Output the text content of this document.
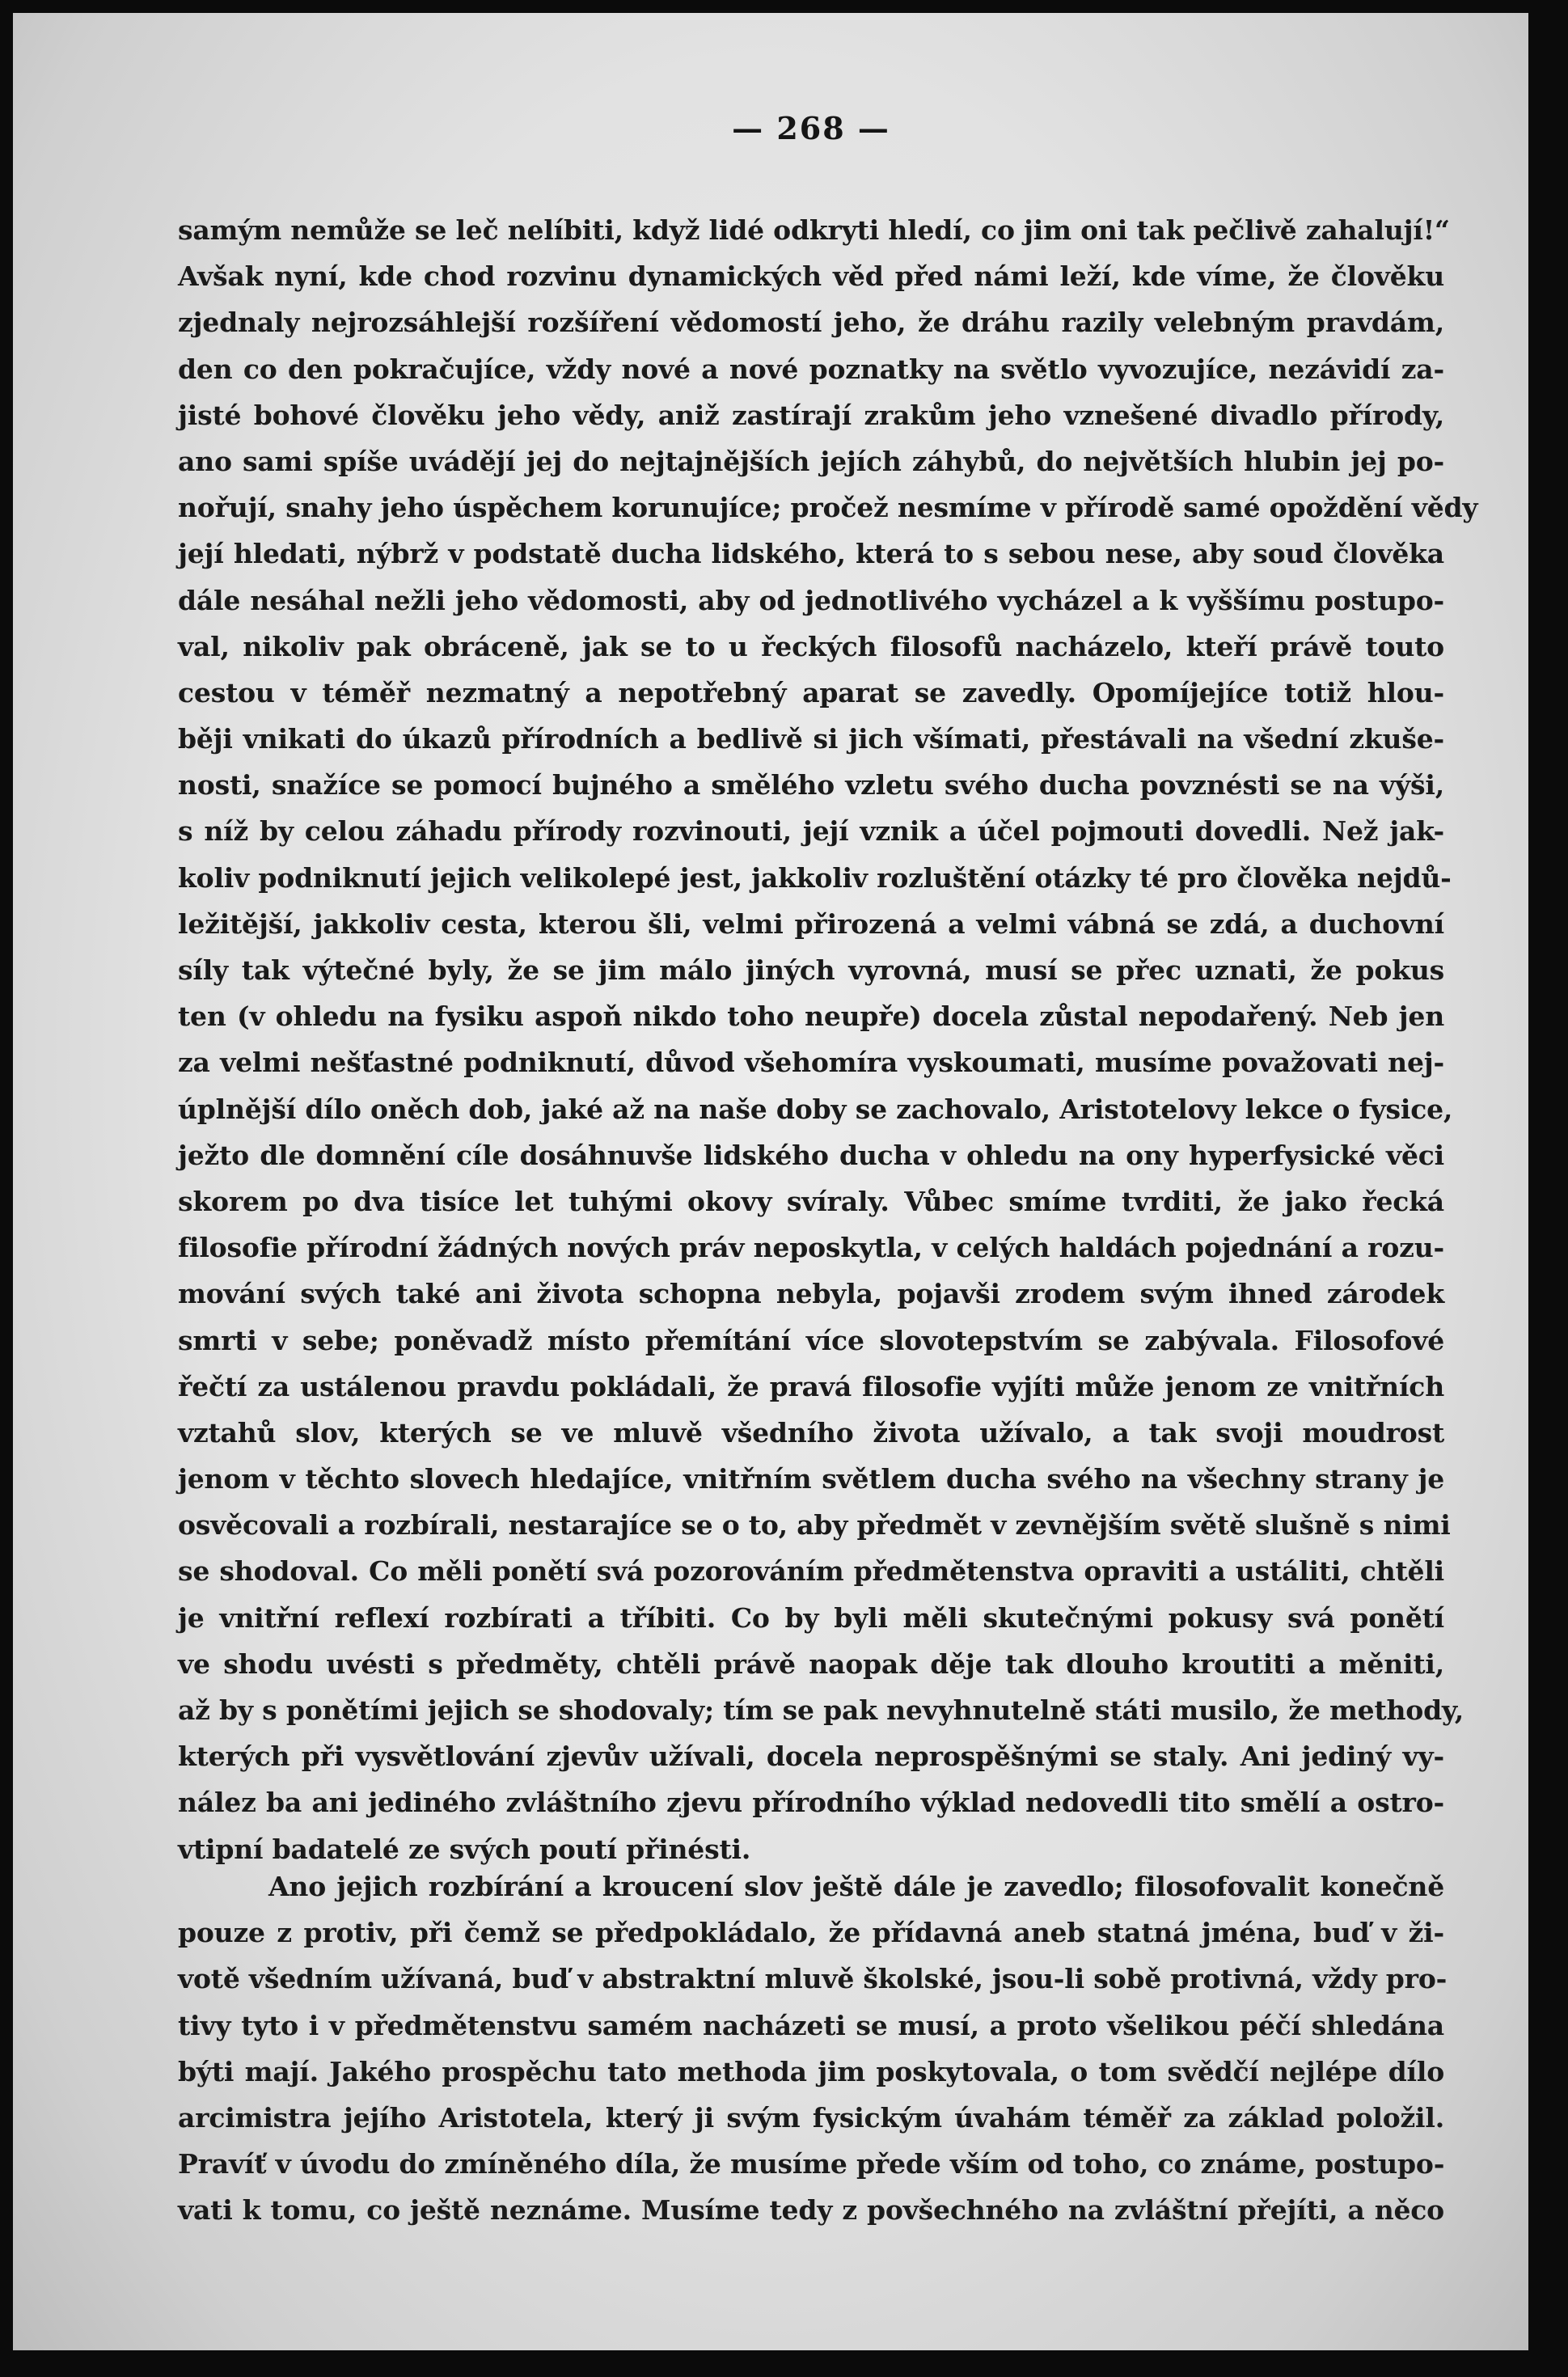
— 268 —
samým nemůže se leč nelíbiti, když lidé odkryti hledí, co jim oni tak pečlivě zahalují!“
Avšak nyní, kde chod rozvinu dynamických věd před námi leží, kde víme, že člověku
zjednaly nejrozsáhlejší rozšíření vědomostí jeho, že dráhu razily velebným pravdám,
den co den pokračujíce, vždy nové a nové poznatky na světlo vyvozujíce, nezávidí za-
jisté bohové člověku jeho vědy, aniž zastírají zrakům jeho vznešené divadlo přírody,
ano sami spíše uvádějí jej do nejtajnějších jejích záhybů, do největších hlubin jej po-
nořují, snahy jeho úspěchem korunujíce; pročež nesmíme v přírodě samé opoždění vědy
její hledati, nýbrž v podstatě ducha lidského, která to s sebou nese, aby soud člověka
dále nesáhal nežli jeho vědomosti, aby od jednotlivého vycházel a k vyššímu postupo-
val, nikoliv pak obráceně, jak se to u řeckých filosofů nacházelo, kteří právě touto
cestou v téměř nezmatný a nepotřebný aparat se zavedly. Opomíjejíce totiž hlou-
běji vnikati do úkazů přírodních a bedlivě si jich všímati, přestávali na všední zkuše-
nosti, snažíce se pomocí bujného a smělého vzletu svého ducha povznésti se na výši,
s níž by celou záhadu přírody rozvinouti, její vznik a účel pojmouti dovedli. Než jak-
koliv podniknutí jejich velikolepé jest, jakkoliv rozluštění otázky té pro člověka nejdů-
ležitější, jakkoliv cesta, kterou šli, velmi přirozená a velmi vábná se zdá, a duchovní
síly tak výtečné byly, že se jim málo jiných vyrovná, musí se přec uznati, že pokus
ten (v ohledu na fysiku aspoň nikdo toho neupře) docela zůstal nepodařený. Neb jen
za velmi nešťastné podniknutí, důvod všehomíra vyskoumati, musíme považovati nej-
úplnější dílo oněch dob, jaké až na naše doby se zachovalo, Aristotelovy lekce o fysice,
ježto dle domnění cíle dosáhnuvše lidského ducha v ohledu na ony hyperfysické věci
skorem po dva tisíce let tuhými okovy svíraly. Vůbec smíme tvrditi, že jako řecká
filosofie přírodní žádných nových práv neposkytla, v celých haldách pojednání a rozu-
mování svých také ani života schopna nebyla, pojavši zrodem svým ihned zárodek
smrti v sebe; poněvadž místo přemítání více slovotepstvím se zabývala. Filosofové
řečtí za ustálenou pravdu pokládali, že pravá filosofie vyjíti může jenom ze vnitřních
vztahů slov, kterých se ve mluvě všedního života užívalo, a tak svoji moudrost
jenom v těchto slovech hledajíce, vnitřním světlem ducha svého na všechny strany je
osvěcovali a rozbírali, nestarajíce se o to, aby předmět v zevnějším světě slušně s nimi
se shodoval. Co měli ponětí svá pozorováním předmětenstva opraviti a ustáliti, chtěli
je vnitřní reflexí rozbírati a tříbiti. Co by byli měli skutečnými pokusy svá ponětí
ve shodu uvésti s předměty, chtěli právě naopak děje tak dlouho kroutiti a měniti,
až by s ponětími jejich se shodovaly; tím se pak nevyhnutelně státi musilo, že methody,
kterých při vysvětlování zjevův užívali, docela neprospěšnými se staly. Ani jediný vy-
nález ba ani jediného zvláštního zjevu přírodního výklad nedovedli tito smělí a ostro-
vtipní badatelé ze svých poutí přinésti.
Ano jejich rozbírání a kroucení slov ještě dále je zavedlo; filosofovalit konečně
pouze z protiv, při čemž se předpokládalo, že přídavná aneb statná jména, buď v ži-
votě všedním užívaná, buď v abstraktní mluvě školské, jsou-li sobě protivná, vždy pro-
tivy tyto i v předmětenstvu samém nacházeti se musí, a proto všelikou péčí shledána
býti mají. Jakého prospěchu tato methoda jim poskytovala, o tom svědčí nejlépe dílo
arcimistra jejího Aristotela, který ji svým fysickým úvahám téměř za základ položil.
Pravíť v úvodu do zmíněného díla, že musíme přede vším od toho, co známe, postupo-
vati k tomu, co ještě neznáme. Musíme tedy z povšechného na zvláštní přejíti, a něco
